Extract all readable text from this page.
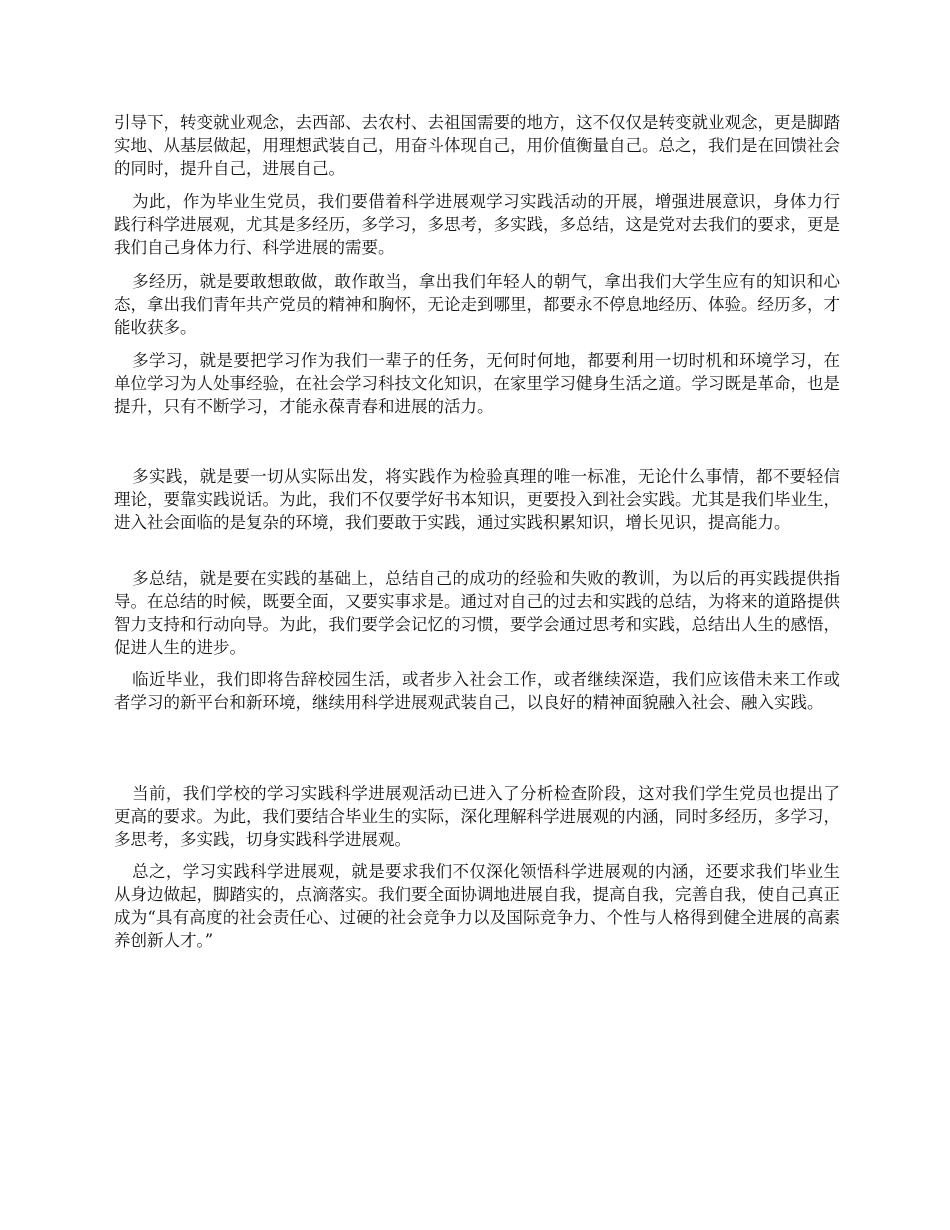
引导下，转变就业观念，去西部、去农村、去祖国需要的地方，这不仅仅是转变就业观念，更是脚踏实地、从基层做起，用理想武装自己，用奋斗体现自己，用价值衡量自己。总之，我们是在回馈社会的同时，提升自己，进展自己。

为此，作为毕业生党员，我们要借着科学进展观学习实践活动的开展，增强进展意识，身体力行践行科学进展观，尤其是多经历，多学习，多思考，多实践，多总结，这是党对去我们的要求，更是我们自己身体力行、科学进展的需要。

多经历，就是要敢想敢做，敢作敢当，拿出我们年轻人的朝气，拿出我们大学生应有的知识和心态，拿出我们青年共产党员的精神和胸怀，无论走到哪里，都要永不停息地经历、体验。经历多，才能收获多。

多学习，就是要把学习作为我们一辈子的任务，无何时何地，都要利用一切时机和环境学习，在单位学习为人处事经验，在社会学习科技文化知识，在家里学习健身生活之道。学习既是革命，也是提升，只有不断学习，才能永葆青春和进展的活力。

多实践，就是要一切从实际出发，将实践作为检验真理的唯一标准，无论什么事情，都不要轻信理论，要靠实践说话。为此，我们不仅要学好书本知识，更要投入到社会实践。尤其是我们毕业生，进入社会面临的是复杂的环境，我们要敢于实践，通过实践积累知识，增长见识，提高能力。

多总结，就是要在实践的基础上，总结自己的成功的经验和失败的教训，为以后的再实践提供指导。在总结的时候，既要全面，又要实事求是。通过对自己的过去和实践的总结，为将来的道路提供智力支持和行动向导。为此，我们要学会记忆的习惯，要学会通过思考和实践，总结出人生的感悟，促进人生的进步。

临近毕业，我们即将告辞校园生活，或者步入社会工作，或者继续深造，我们应该借未来工作或者学习的新平台和新环境，继续用科学进展观武装自己，以良好的精神面貌融入社会、融入实践。

当前，我们学校的学习实践科学进展观活动已进入了分析检查阶段，这对我们学生党员也提出了更高的要求。为此，我们要结合毕业生的实际，深化理解科学进展观的内涵，同时多经历，多学习，多思考，多实践，切身实践科学进展观。

总之，学习实践科学进展观，就是要求我们不仅深化领悟科学进展观的内涵，还要求我们毕业生从身边做起，脚踏实的，点滴落实。我们要全面协调地进展自我，提高自我，完善自我，使自己真正成为“具有高度的社会责任心、过硬的社会竞争力以及国际竞争力、个性与人格得到健全进展的高素养创新人才。”
